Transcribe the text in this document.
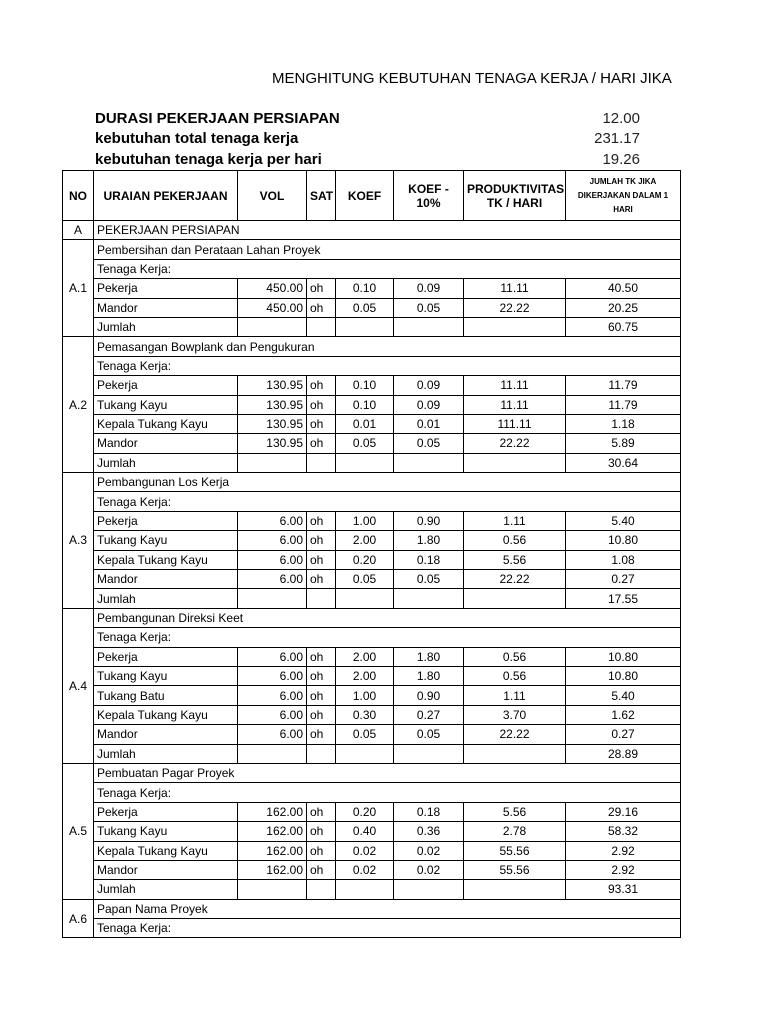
MENGHITUNG KEBUTUHAN TENAGA KERJA / HARI JIKA
DURASI PEKERJAAN PERSIAPAN	12.00
kebutuhan total tenaga kerja	231.17
kebutuhan tenaga kerja per hari	19.26
NO	URAIAN PEKERJAAN	VOL	SAT	KOEF	KOEF - 10%	PRODUKTIVITAS TK / HARI	JUMLAH TK JIKA DIKERJAKAN DALAM 1 HARI
A	PEKERJAAN PERSIAPAN						
A.1	Pembersihan dan Perataan Lahan Proyek						
	Tenaga Kerja:						
	Pekerja	450.00	oh	0.10	0.09	11.11	40.50
	Mandor	450.00	oh	0.05	0.05	22.22	20.25
	Jumlah						60.75
A.2	Pemasangan Bowplank dan Pengukuran						
	Tenaga Kerja:						
	Pekerja	130.95	oh	0.10	0.09	11.11	11.79
	Tukang Kayu	130.95	oh	0.10	0.09	11.11	11.79
	Kepala Tukang Kayu	130.95	oh	0.01	0.01	111.11	1.18
	Mandor	130.95	oh	0.05	0.05	22.22	5.89
	Jumlah						30.64
A.3	Pembangunan Los Kerja						
	Tenaga Kerja:						
	Pekerja	6.00	oh	1.00	0.90	1.11	5.40
	Tukang Kayu	6.00	oh	2.00	1.80	0.56	10.80
	Kepala Tukang Kayu	6.00	oh	0.20	0.18	5.56	1.08
	Mandor	6.00	oh	0.05	0.05	22.22	0.27
	Jumlah						17.55
A.4	Pembangunan Direksi Keet						
	Tenaga Kerja:						
	Pekerja	6.00	oh	2.00	1.80	0.56	10.80
	Tukang Kayu	6.00	oh	2.00	1.80	0.56	10.80
	Tukang Batu	6.00	oh	1.00	0.90	1.11	5.40
	Kepala Tukang Kayu	6.00	oh	0.30	0.27	3.70	1.62
	Mandor	6.00	oh	0.05	0.05	22.22	0.27
	Jumlah						28.89
A.5	Pembuatan Pagar Proyek						
	Tenaga Kerja:						
	Pekerja	162.00	oh	0.20	0.18	5.56	29.16
	Tukang Kayu	162.00	oh	0.40	0.36	2.78	58.32
	Kepala Tukang Kayu	162.00	oh	0.02	0.02	55.56	2.92
	Mandor	162.00	oh	0.02	0.02	55.56	2.92
	Jumlah						93.31
A.6	Papan Nama Proyek						
	Tenaga Kerja:						
